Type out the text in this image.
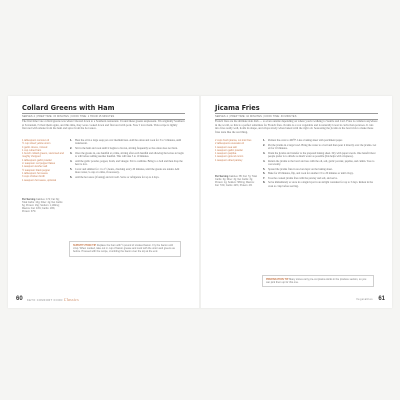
Collard Greens with Ham
SERVES 4 | PREP TIME: 15 MINUTES | COOK TIME: 1 HOUR 15 MINUTES
The first time I ate collard greens was when I moved down to a Southern restaurant. I found these greens unpleasant. I'm originally Southern at Savannah, I'd had them again, and this time, they were cooked down and flavored with pork. Now I love them. This recipe is lightly flavored with smoke from the ham and spice from the hot sauce.
1 tablespoon coconut oil
½ cup sliced yellow onion
4 garlic cloves, minced
1 cup cubed ham
1 bunch collard greens, stemmed and roughly chopped
1 tablespoon garlic powder
¼ teaspoon red pepper flakes
1 teaspoon kosher salt
½ teaspoon black pepper
1 tablespoon hot sauce
3 cups chicken broth
1 teaspoon hot sauce, optional
Per Serving Calories: 172; Fat: 8g; Total Carbs: 10g; Fiber: 4g; Net Carbs: 6g; Protein: 16g; Sodium: 1,190mg; Macros: Fat: 44%; Carbs: 19%; Protein: 37%
1.	Heat the oil in a large soup pot over medium heat. Add the onion and cook for 3 to 5 minutes, until translucent.
2.	Stir in the ham and cook until it begins to brown, stirring frequently so the onion does not burn.
3.	Once the greens in, one handful at a time, stirring after each handful and allowing the leaves to begin to wilt before adding another handful. This will take 5 to 10 minutes.
4.	Add the garlic powder, pepper, broth, and vinegar. Stir to combine. Bring to a boil and then drop the heat to low.
5.	Cover and simmer for 1 to 1½ hours, checking every 20 minutes, until the greens are tender. Add more water, ¼ cup at a time, if necessary.
6.	Add the hot sauce (if using) and stir well. Serve or refrigerate for up to 4 days.
SUBSTITUTION TIP Replace the ham with ½ pound of smoked bacon. Fry the bacon until crisp. When cooked, take out ¼ cup of bacon grease and cook with the onion and greens as before. Proceed with the recipe, crumbling the bacon over the top at the end.
60 KETO COMFORT FOOD Classics
Jicama Fries
SERVES 4 | PREP TIME: 10 MINUTES | COOK TIME: 30 MINUTES
French fries are the ultimate side dish — so even outside depending on where you're walking to Seattle and Carl. Fries is common anywhere in the world, so this is a perfect substitute for French fries. Jicama is a root vegetable and is naturally lower in carbs than potatoes. It cuts into fries really well, holds its shape, and crisps nicely when baked with the right oil. Seasoning the jicama is the best trick to make these fries taste like the real thing.
2 cups fresh jicama, cut into fries
2 tablespoons avocado oil
1 teaspoon sea salt
1 teaspoon garlic powder
1 teaspoon paprika
1 teaspoon ground cumin
1 teaspoon dried parsley
Per Serving Calories: 85; Fat: 7g; Total Carbs: 6g; Fiber: 3g; Net Carbs: 3g; Protein: 1g; Sodium: 580mg; Macros: Fat: 74%; Carbs: 22%; Protein: 4%
1.	Preheat the oven to 400°F. Line a baking sheet with parchment paper.
2.	Put the jicama in a large bowl. Bring the water to a boil and then pour it directly over the jicama. Let sit for 10 minutes.
3.	Drain the jicama and transfer to the prepared baking sheet. Dry with paper towels. One benefit most people prefer is to drizzle as much water as possible (this helps with crispness).
4.	Return the jicama to the bowl and toss with the oil, salt, garlic powder, paprika, and cumin. Toss to coat evenly.
5.	Spread the jicama fries in an even layer on the baking sheet.
6.	Bake for 20 minutes, flip, and cook for another 15 to 20 minutes or until crispy.
7.	Toss the cooked jicama fries with the parsley and salt, and serve.
8.	Serve immediately or store in a single layer in an airtight container for up to 3 days. Reheat in the oven to crisp before serving.
PREPARATION TIP Many stores carry pre-cut jicama sticks in the produce section, so you can pick them up for this one.
Vegetables 61
